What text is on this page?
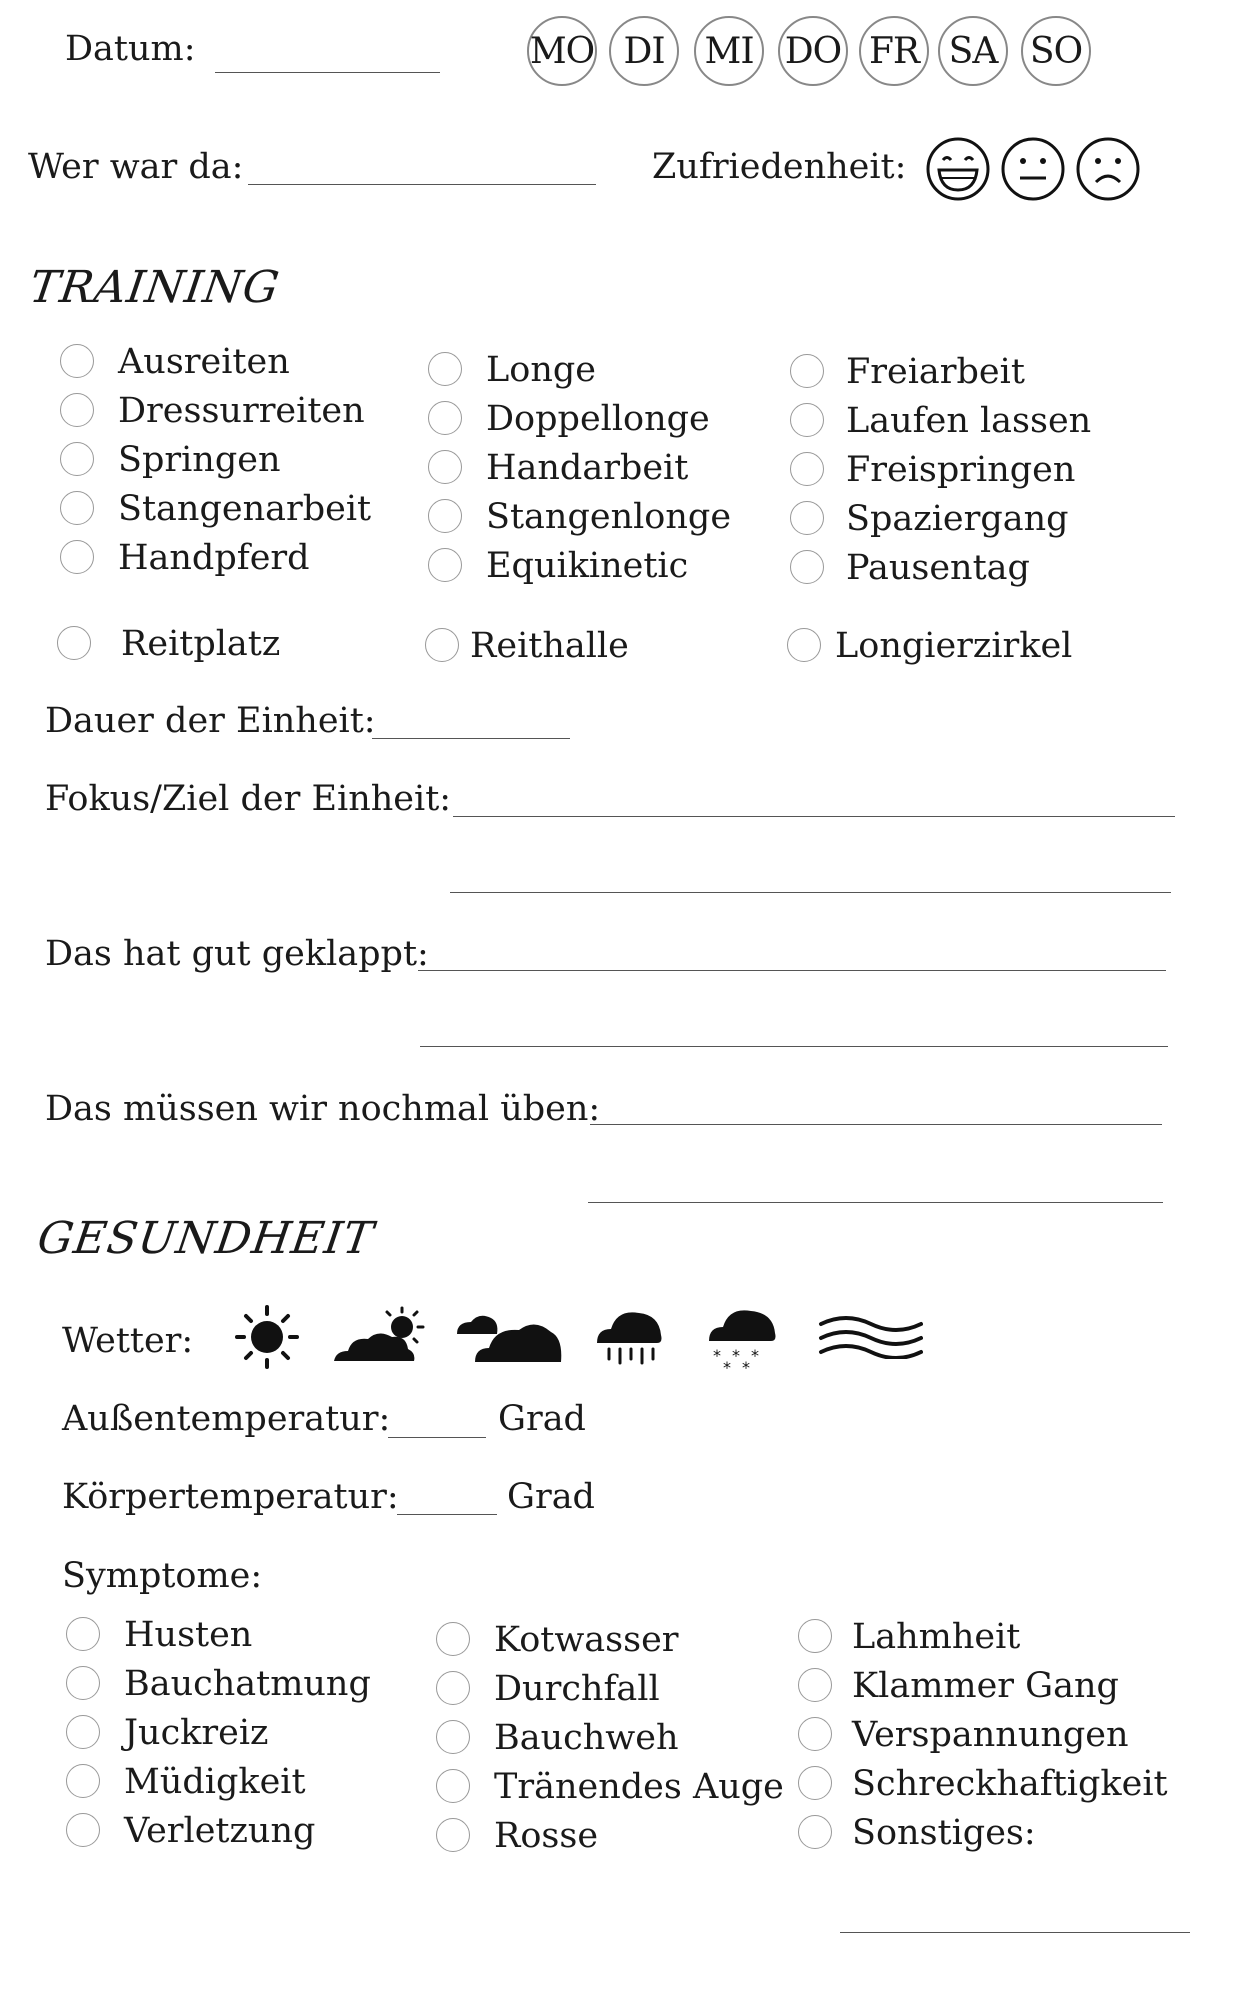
Datum:	MO DI	MI DO FR SA SO
Wer war da:	Zufriedenheit:
TRAINING
Ausreiten
Dressurreiten
Springen
Stangenarbeit
Handpferd
Longe
Doppellonge
Handarbeit
Stangenlonge
Equikinetic
Freiarbeit
Laufen lassen
Freispringen
Spaziergang
Pausentag
Reitplatz	Reithalle	Longierzirkel
Dauer der Einheit:
Fokus/Ziel der Einheit:
Das hat gut geklappt:
Das müssen wir nochmal üben:
GESUNDHEIT
Wetter:	* * *
* *
Außentemperatur:	Grad
Körpertemperatur:	Grad
Symptome:
Husten
Bauchatmung
Juckreiz
Müdigkeit
Verletzung
Kotwasser
Durchfall
Bauchweh
Tränendes Auge
Rosse
Lahmheit
Klammer Gang
Verspannungen
Schreckhaftigkeit
Sonstiges:
